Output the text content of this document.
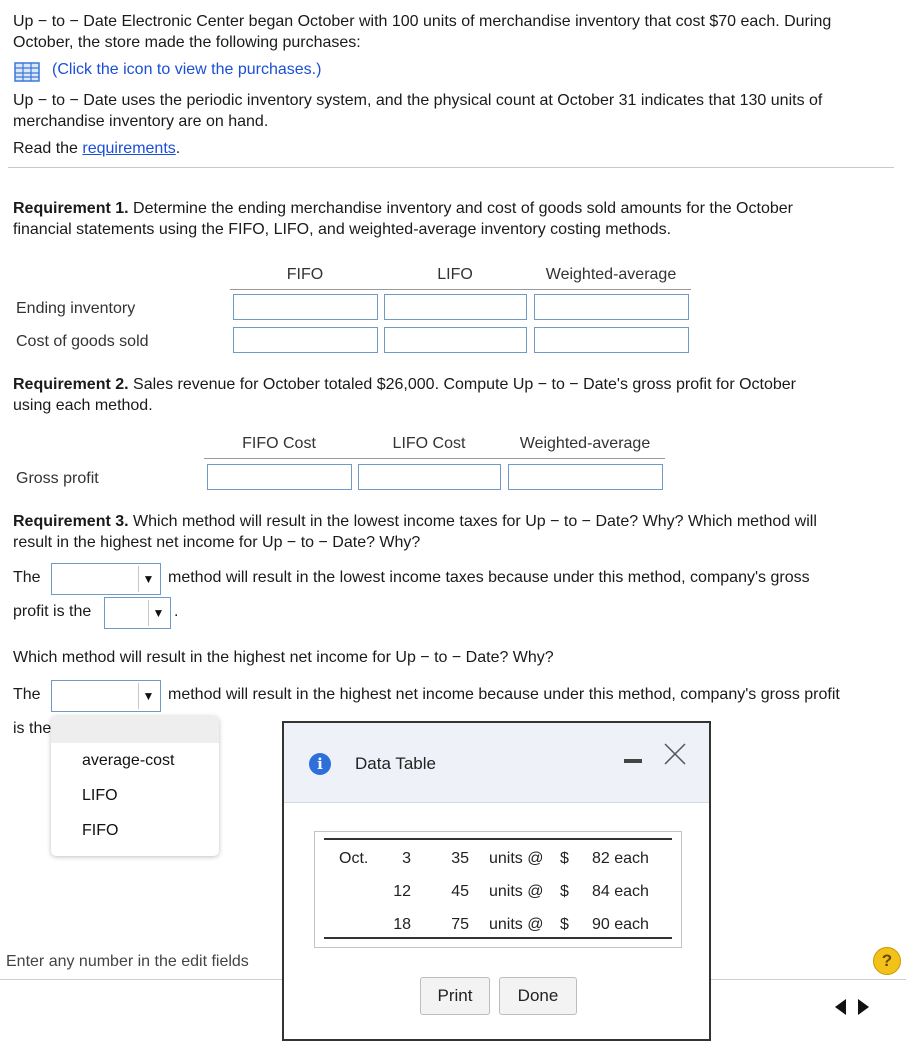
Up − to − Date Electronic Center began October with 100 units of merchandise inventory that cost $70 each. During
October, the store made the following purchases:
(Click the icon to view the purchases.)
Up − to − Date uses the periodic inventory system, and the physical count at October 31 indicates that 130 units of
merchandise inventory are on hand.
Read the requirements.
Requirement 1. Determine the ending merchandise inventory and cost of goods sold amounts for the October
financial statements using the FIFO, LIFO, and weighted-average inventory costing methods.
FIFO	LIFO	Weighted-average
Ending inventory
Cost of goods sold
Requirement 2. Sales revenue for October totaled $26,000. Compute Up − to − Date's gross profit for October
using each method.
FIFO Cost	LIFO Cost	Weighted-average
Gross profit
Requirement 3. Which method will result in the lowest income taxes for Up − to − Date? Why? Which method will
result in the highest net income for Up − to − Date? Why?
The	▼ method will result in the lowest income taxes because under this method, company's gross
profit is the	▼ .
Which method will result in the highest net income for Up − to − Date? Why?
The	▼ method will result in the highest net income because under this method, company's gross profit
is the
average-cost
LIFO
FIFO
Enter any number in the edit fields	?
i	Data Table
Oct.	3	35 units @ $ 82 each
12	45 units @ $ 84 each
18	75 units @ $ 90 each
Print	Done
